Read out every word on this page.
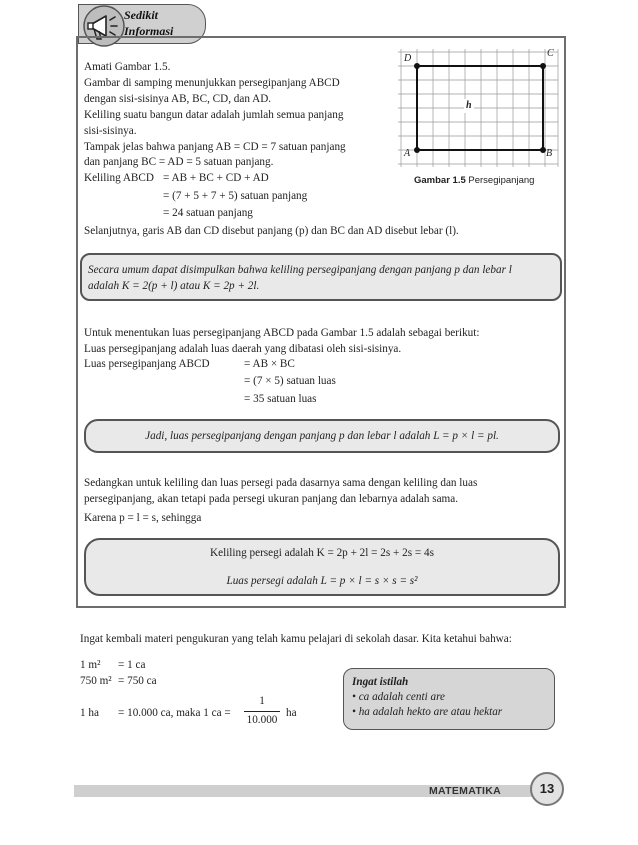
Sedikit
Informasi
Amati Gambar 1.5.
Gambar di samping menunjukkan persegipanjang ABCD
dengan sisi-sisinya AB, BC, CD, dan AD.
Keliling suatu bangun datar adalah jumlah semua panjang
sisi-sisinya.
Tampak jelas bahwa panjang AB = CD = 7 satuan panjang
dan panjang BC = AD = 5 satuan panjang.
Keliling ABCD = AB + BC + CD + AD
= (7 + 5 + 7 + 5) satuan panjang
= 24 satuan panjang
Selanjutnya, garis AB dan CD disebut panjang (p) dan BC dan AD disebut lebar (l).
D	C
A	B
h
Gambar 1.5 Persegipanjang
Secara umum dapat disimpulkan bahwa keliling persegipanjang dengan panjang p dan lebar l
adalah K = 2(p + l) atau K = 2p + 2l.
Untuk menentukan luas persegipanjang ABCD pada Gambar 1.5 adalah sebagai berikut:
Luas persegipanjang adalah luas daerah yang dibatasi oleh sisi-sisinya.
Luas persegipanjang ABCD	= AB × BC
= (7 × 5) satuan luas
= 35 satuan luas
Jadi, luas persegipanjang dengan panjang p dan lebar l adalah L = p × l = pl.
Sedangkan untuk keliling dan luas persegi pada dasarnya sama dengan keliling dan luas
persegipanjang, akan tetapi pada persegi ukuran panjang dan lebarnya adalah sama.
Karena p = l = s, sehingga
Keliling persegi adalah K = 2p + 2l = 2s + 2s = 4s
Luas persegi adalah L = p × l = s × s = s²
Ingat kembali materi pengukuran yang telah kamu pelajari di sekolah dasar. Kita ketahui bahwa:
1 m² = 1 ca
750 m² = 750 ca
1 ha = 10.000 ca, maka 1 ca =
1
10.000
ha
Ingat istilah
• ca adalah centi are
• ha adalah hekto are atau hektar
MATEMATIKA	13
